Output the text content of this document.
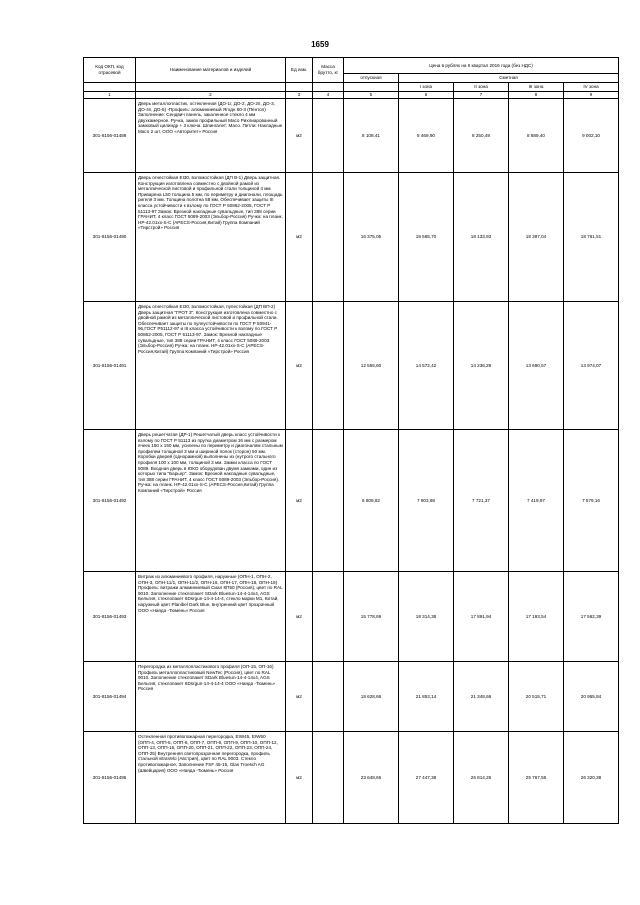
1659
Код ОКП, код отрасевой	Наименование материалов и изделий	Ед изм.	Масса брутто, кг	Цена в рублях на II квартал 2016 года (без НДС)				
				отпускная	Сметная			
					I зона	II зона	III зона	IV зона
1	2	3	4	5	6	7	8	9
301-8156-01489	Дверь металлопластик, остекленная (ДО-1г, ДО-2, ДО-2п, ДО-3, ДО-4п, ДО-5) -Профиль: алюминиевый Ягодн 60-3 (Пентол) Заполнение: Сендвич панель, закаленное стекло 4 мм двухкамерное. Ручка, замок профильный Масо Рихлиарованный замковый цилиндр + 3 ключа. Шпингалет: Масо. Петли: Накладные Масо 2 шт. ООО «Авторитет» Россия	м2		8 108,41	8 469,90	8 250,49	8 889,40	9 002,10
301-8156-01490	Дверь огнестойкая EI30, взломостойкая (ДП В-1) Дверь защитная. Конструкция изготовлена совместно с двойной рамой из металлической листовой и профильной стали толщиной 4 мм Приварена L50 толщина 5 мм, по периметру и диагонали, площадь ригеля 3 мм. Толщина полотна 58 мм. Обеспечивает защиты III класса устойчивости к взлому по ГОСТ Р 50862-2005, ГОСТ Р 51113-97 Замок: Врезной накладные сувальдные, тип 388 серии ГРАНИТ, 4 класс ГОСТ 5089-2003 (Эльбор-Россия) Ручка: на планк. HP-42.01хх-S-C (APECS-Россия,Китай) Группа Компаний «Тирстрой» Россия	м2		16 375,05	18 565,70	18 133,93	18 397,04	18 761,51
301-8156-01491	Дверь огнестойкая EI30, взломостойкая, пулестойкая (ДП ВП-2) Дверь защитная "ГРОТ 3". Конструкция изготовлена совместно с двойной рамой из металлической листовой и профильной стали. Обеспечивает защиты по пулеустойчивости по ГОСТ Р 50941-96,ГОСТ Р51112-97 и III класса устойчивости к взлому по ГОСТ Р 50862-2005, ГОСТ Р 51113-97. Замок: Врезной накладные сувальдные, тип 388 серии ГРАНИТ, 4 класс ГОСТ 5089-2003 (Эльбор-Россия) Ручка: на планк. HP-42.01хх-S-C (APECS-Россия,Китай) Группа Компаний «Тирстрой» Россия	м2		12 555,60	14 572,42	14 236,29	13 690,57	13 974,07
301-8156-01492	Дверь решетчатая (ДР-1) Решетчатый дверь класс устойчивости к взлому по ГОСТ Р 51113 из прутка диаметром 16 мм с размером ячеек 150 х 150 мм, усилены по периметру и диагоналям стальным профилем толщиной 3 мм и шириной полок (сторон) 50 мм. Коробки дверей (однорамной) выполнены из (нутрого стального профиля 100 х 100 мм, толщиной 3 мм. Замки класса по ГОСТ 5089. Входная дверь в ЮКО оборудован двумя замками, один из которых типа "Барьер". Замок: Врезной накладные сувальдные, тип 388 серии ГРАНИТ, 4 класс ГОСТ 5089-2003 (Эльбор-Россия). Ручка: на планк. HP-42.01хх-S-C (APECS-Россия,Китай) Группа Компаний «Тирстрой» Россия	м2		6 809,82	7 903,68	7 721,37	7 419,97	7 579,16
301-8156-01493	Витраж из алюминиевого профиля, наружные (ОПН-1, ОПН-2, ОПН-3, ОПН-11/1, ОПН-11/2, ОПН-16, ОПН-17, ОПН-18, ОПН-19) Профиль: витражи алюминиевый Сиал КП50 (Россия), цвет по RAL 9010. Заполнение стеклопакет SDark Bluesun-14-4-14x4, AGS Бельгия, стеклопакет 6Dsrgun-14-4-14-4, стекло марки М1, Китай, наружный цвет Planibel Dark Blue, внутренний цвет прозрачный ООО «Наяда -Тюмень» Россия	м2		15 778,69	18 314,38	17 891,94	17 193,54	17 562,39
301-8156-01494	Перегородка из металлопластикового профиля (ОП-15, ОП-16) Профиль металлопластиковый NewTec (Россия), цвет по RAL 9010. Заполнение стеклопакет SDark Bluesun-14-4-14x4, AGS Бельгия, стеклопакет 6Dsrgun-14-4-14-4 ООО «Наяда -Тюмень» Россия	м2		18 628,66	21 853,14	21 348,66	20 515,71	20 955,84
301-8156-01495	Остекленная противопожарная перегородка, EIW45, EIW60 (ОПП-4, ОПП-5, ОПП-6, ОПП-7, ОПП-8, ОПП-9, ОПП-10, ОПП-12, ОПП-13, ОПП-15, ОПП-20, ОПП-21, ОПП-22, ОПП-23, ОПП-24, ОПП-25) Внутренняя светопрозрачная перегородка, профиль стальной vitraVelo (Австрия), цвет по RAL 9003. Стекло противопожарное, Заполнение FSF 45-15, Glas Troesch AG (Швейцария) ООО «Наяда -Тюмень» Россия	м2		23 648,66	27 447,38	26 814,26	25 767,58	26 320,38
